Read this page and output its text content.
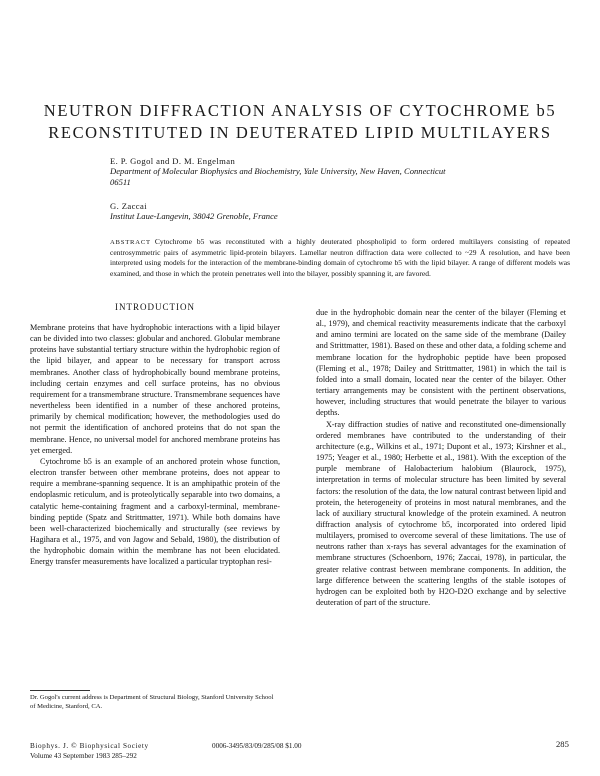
NEUTRON DIFFRACTION ANALYSIS OF CYTOCHROME b5
RECONSTITUTED IN DEUTERATED LIPID MULTILAYERS
E. P. Gogol and D. M. Engelman
Department of Molecular Biophysics and Biochemistry, Yale University, New Haven, Connecticut
06511
G. Zaccai
Institut Laue-Langevin, 38042 Grenoble, France

ABSTRACT Cytochrome b5 was reconstituted with a highly deuterated phospholipid to form ordered multilayers consisting of repeated centrosymmetric pairs of asymmetric lipid-protein bilayers. Lamellar neutron diffraction data were collected to ~29 Å resolution, and have been interpreted using models for the interaction of the membrane-binding domain of cytochrome b5 with the lipid bilayer. A range of different models was examined, and those in which the protein penetrates well into the bilayer, possibly spanning it, are favored.

INTRODUCTION

Membrane proteins that have hydrophobic interactions with a lipid bilayer can be divided into two classes: globular and anchored. Globular membrane proteins have substantial tertiary structure within the hydrophobic region of the lipid bilayer, and appear to be necessary for transport across membranes. Another class of hydrophobically bound membrane proteins, including certain enzymes and cell surface proteins, has no obvious requirement for a transmembrane structure. Transmembrane sequences have nevertheless been identified in a number of these anchored proteins, primarily by chemical modification; however, the methodologies used do not permit the identification of anchored proteins that do not span the membrane. Hence, no universal model for anchored membrane proteins has yet emerged.

Cytochrome b5 is an example of an anchored protein whose function, electron transfer between other membrane proteins, does not appear to require a membrane-spanning sequence. It is an amphipathic protein of the endoplasmic reticulum, and is proteolytically separable into two domains, a catalytic heme-containing fragment and a carboxyl-terminal, membrane-binding peptide (Spatz and Strittmatter, 1971). While both domains have been well-characterized biochemically and structurally (see reviews by Hagihara et al., 1975, and von Jagow and Sebald, 1980), the distribution of the hydrophobic domain within the membrane has not been elucidated. Energy transfer measurements have localized a particular tryptophan resi-

due in the hydrophobic domain near the center of the bilayer (Fleming et al., 1979), and chemical reactivity measurements indicate that the carboxyl and amino termini are located on the same side of the membrane (Dailey and Strittmatter, 1981). Based on these and other data, a folding scheme and membrane location for the hydrophobic peptide have been proposed (Fleming et al., 1978; Dailey and Strittmatter, 1981) in which the tail is folded into a small domain, located near the center of the bilayer. Other tertiary arrangements may be consistent with the pertinent observations, however, including structures that would penetrate the bilayer to various depths.

X-ray diffraction studies of native and reconstituted one-dimensionally ordered membranes have contributed to the understanding of their architecture (e.g., Wilkins et al., 1971; Dupont et al., 1973; Kirshner et al., 1975; Yeager et al., 1980; Herbette et al., 1981). With the exception of the purple membrane of Halobacterium halobium (Blaurock, 1975), interpretation in terms of molecular structure has been limited by several factors: the resolution of the data, the low natural contrast between lipid and protein, the heterogeneity of proteins in most natural membranes, and the lack of auxiliary structural knowledge of the protein examined. A neutron diffraction analysis of cytochrome b5, incorporated into ordered lipid multilayers, promised to overcome several of these limitations. The use of neutrons rather than x-rays has several advantages for the examination of membrane structures (Schoenborn, 1976; Zaccai, 1978), in particular, the greater relative contrast between membrane components. In addition, the large difference between the scattering lengths of the stable isotopes of hydrogen can be exploited both by H2O-D2O exchange and by selective deuteration of part of the structure.

Dr. Gogol's current address is Department of Structural Biology, Stanford University School of Medicine, Stanford, CA.

Biophys. J. © Biophysical Society
Volume 43 September 1983 285–292
0006-3495/83/09/285/08 $1.00	285
